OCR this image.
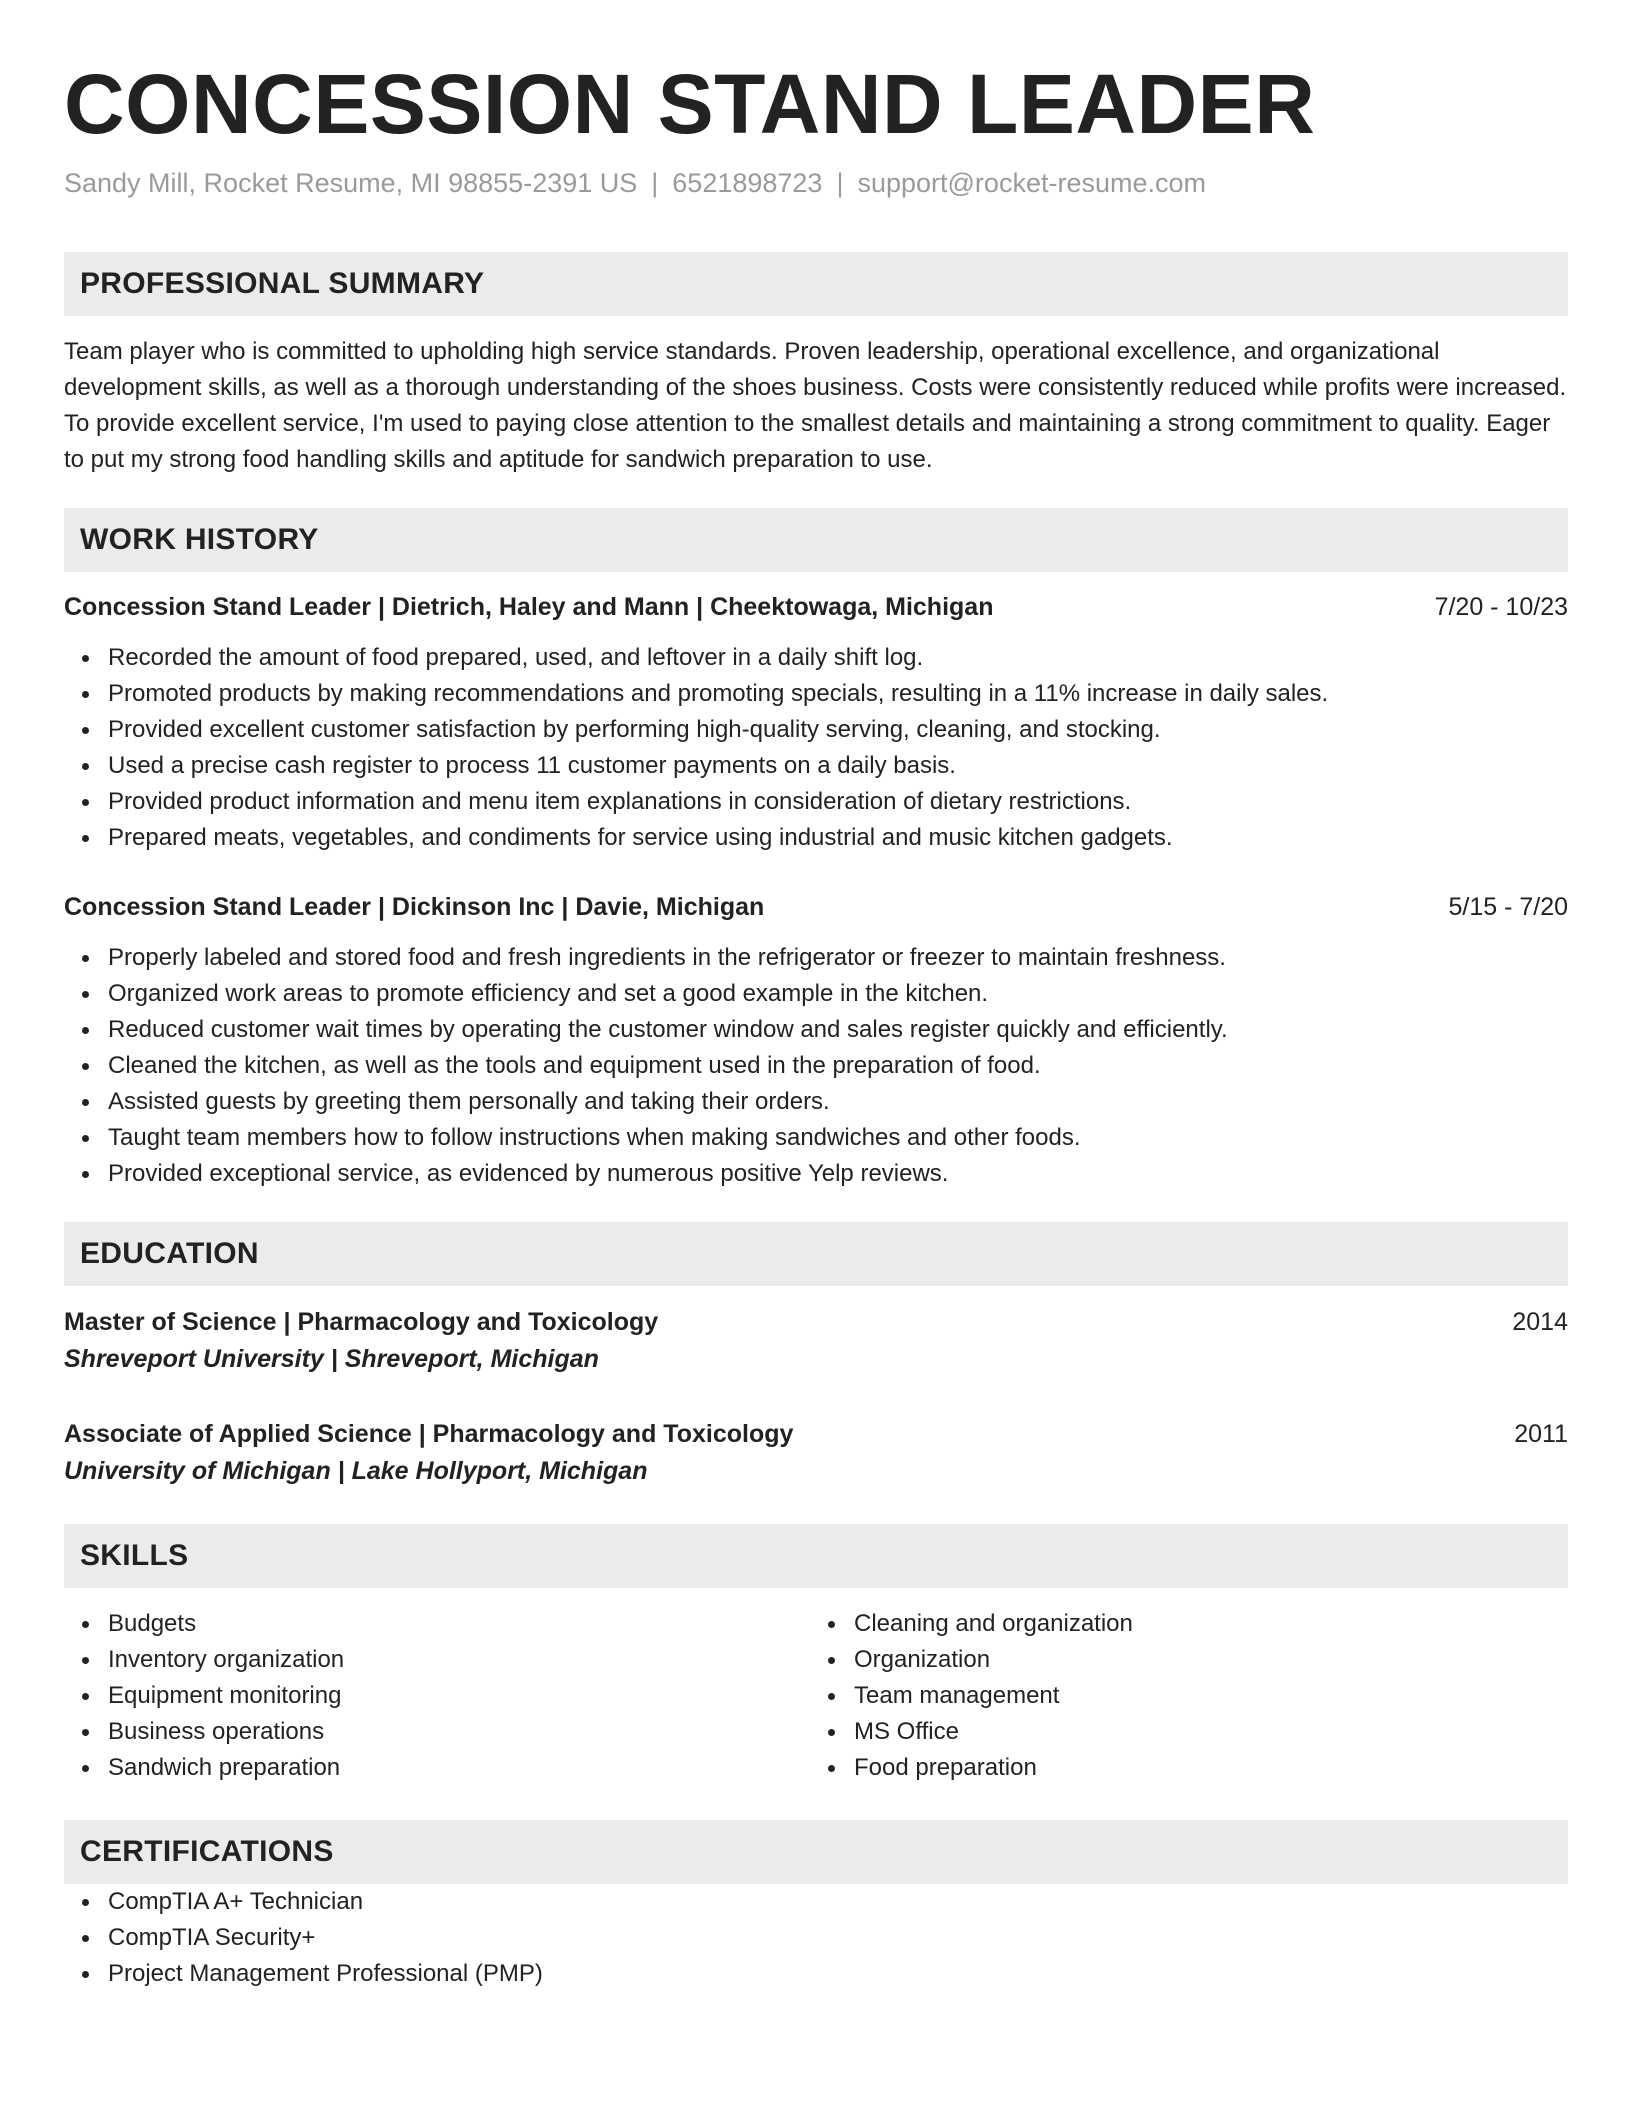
CONCESSION STAND LEADER
Sandy Mill, Rocket Resume, MI 98855-2391 US | 6521898723 | support@rocket-resume.com
PROFESSIONAL SUMMARY

Team player who is committed to upholding high service standards. Proven leadership, operational excellence, and organizational development skills, as well as a thorough understanding of the shoes business. Costs were consistently reduced while profits were increased. To provide excellent service, I'm used to paying close attention to the smallest details and maintaining a strong commitment to quality. Eager to put my strong food handling skills and aptitude for sandwich preparation to use.

WORK HISTORY
Concession Stand Leader | Dietrich, Haley and Mann | Cheektowaga, Michigan	7/20 - 10/23
Recorded the amount of food prepared, used, and leftover in a daily shift log.
Promoted products by making recommendations and promoting specials, resulting in a 11% increase in daily sales.
Provided excellent customer satisfaction by performing high-quality serving, cleaning, and stocking.
Used a precise cash register to process 11 customer payments on a daily basis.
Provided product information and menu item explanations in consideration of dietary restrictions.
Prepared meats, vegetables, and condiments for service using industrial and music kitchen gadgets.
Concession Stand Leader | Dickinson Inc | Davie, Michigan	5/15 - 7/20
Properly labeled and stored food and fresh ingredients in the refrigerator or freezer to maintain freshness.
Organized work areas to promote efficiency and set a good example in the kitchen.
Reduced customer wait times by operating the customer window and sales register quickly and efficiently.
Cleaned the kitchen, as well as the tools and equipment used in the preparation of food.
Assisted guests by greeting them personally and taking their orders.
Taught team members how to follow instructions when making sandwiches and other foods.
Provided exceptional service, as evidenced by numerous positive Yelp reviews.
EDUCATION
Master of Science | Pharmacology and Toxicology	2014
Shreveport University | Shreveport, Michigan
Associate of Applied Science | Pharmacology and Toxicology	2011
University of Michigan | Lake Hollyport, Michigan
SKILLS
Budgets
Inventory organization
Equipment monitoring
Business operations
Sandwich preparation
Cleaning and organization
Organization
Team management
MS Office
Food preparation
CERTIFICATIONS
CompTIA A+ Technician
CompTIA Security+
Project Management Professional (PMP)
